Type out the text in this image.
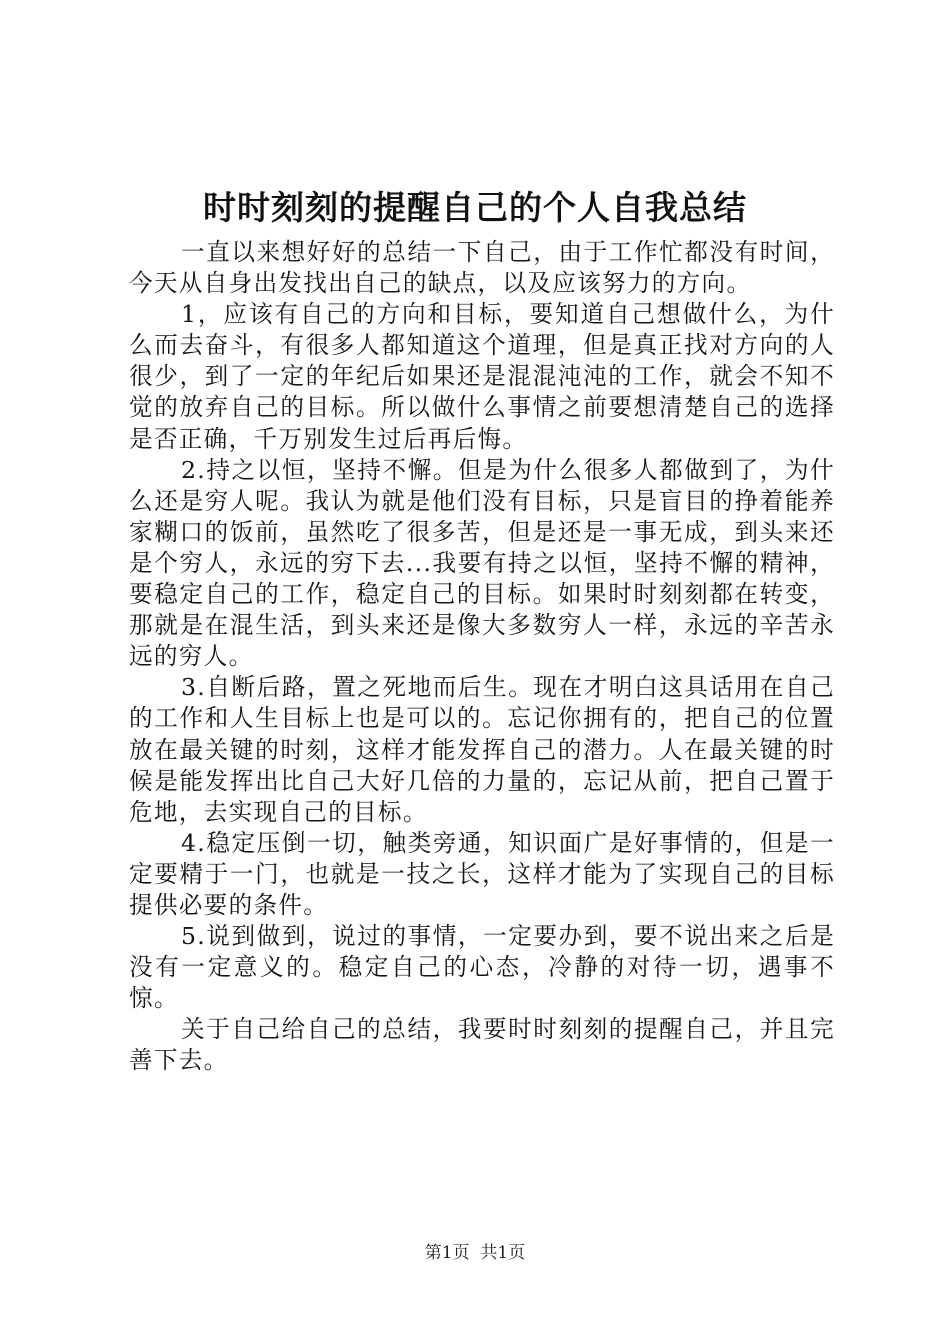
时时刻刻的提醒自己的个人自我总结

一直以来想好好的总结一下自己，由于工作忙都没有时间，今天从自身出发找出自己的缺点，以及应该努力的方向。

1，应该有自己的方向和目标，要知道自己想做什么，为什么而去奋斗，有很多人都知道这个道理，但是真正找对方向的人很少，到了一定的年纪后如果还是混混沌沌的工作，就会不知不觉的放弃自己的目标。所以做什么事情之前要想清楚自己的选择是否正确，千万别发生过后再后悔。

2.持之以恒，坚持不懈。但是为什么很多人都做到了，为什么还是穷人呢。我认为就是他们没有目标，只是盲目的挣着能养家糊口的饭前，虽然吃了很多苦，但是还是一事无成，到头来还是个穷人，永远的穷下去...我要有持之以恒，坚持不懈的精神，要稳定自己的工作，稳定自己的目标。如果时时刻刻都在转变，那就是在混生活，到头来还是像大多数穷人一样，永远的辛苦永远的穷人。

3.自断后路，置之死地而后生。现在才明白这具话用在自己的工作和人生目标上也是可以的。忘记你拥有的，把自己的位置放在最关键的时刻，这样才能发挥自己的潜力。人在最关键的时候是能发挥出比自己大好几倍的力量的，忘记从前，把自己置于危地，去实现自己的目标。

4.稳定压倒一切，触类旁通，知识面广是好事情的，但是一定要精于一门，也就是一技之长，这样才能为了实现自己的目标提供必要的条件。

5.说到做到，说过的事情，一定要办到，要不说出来之后是没有一定意义的。稳定自己的心态，冷静的对待一切，遇事不惊。

关于自己给自己的总结，我要时时刻刻的提醒自己，并且完善下去。

第1页  共1页
